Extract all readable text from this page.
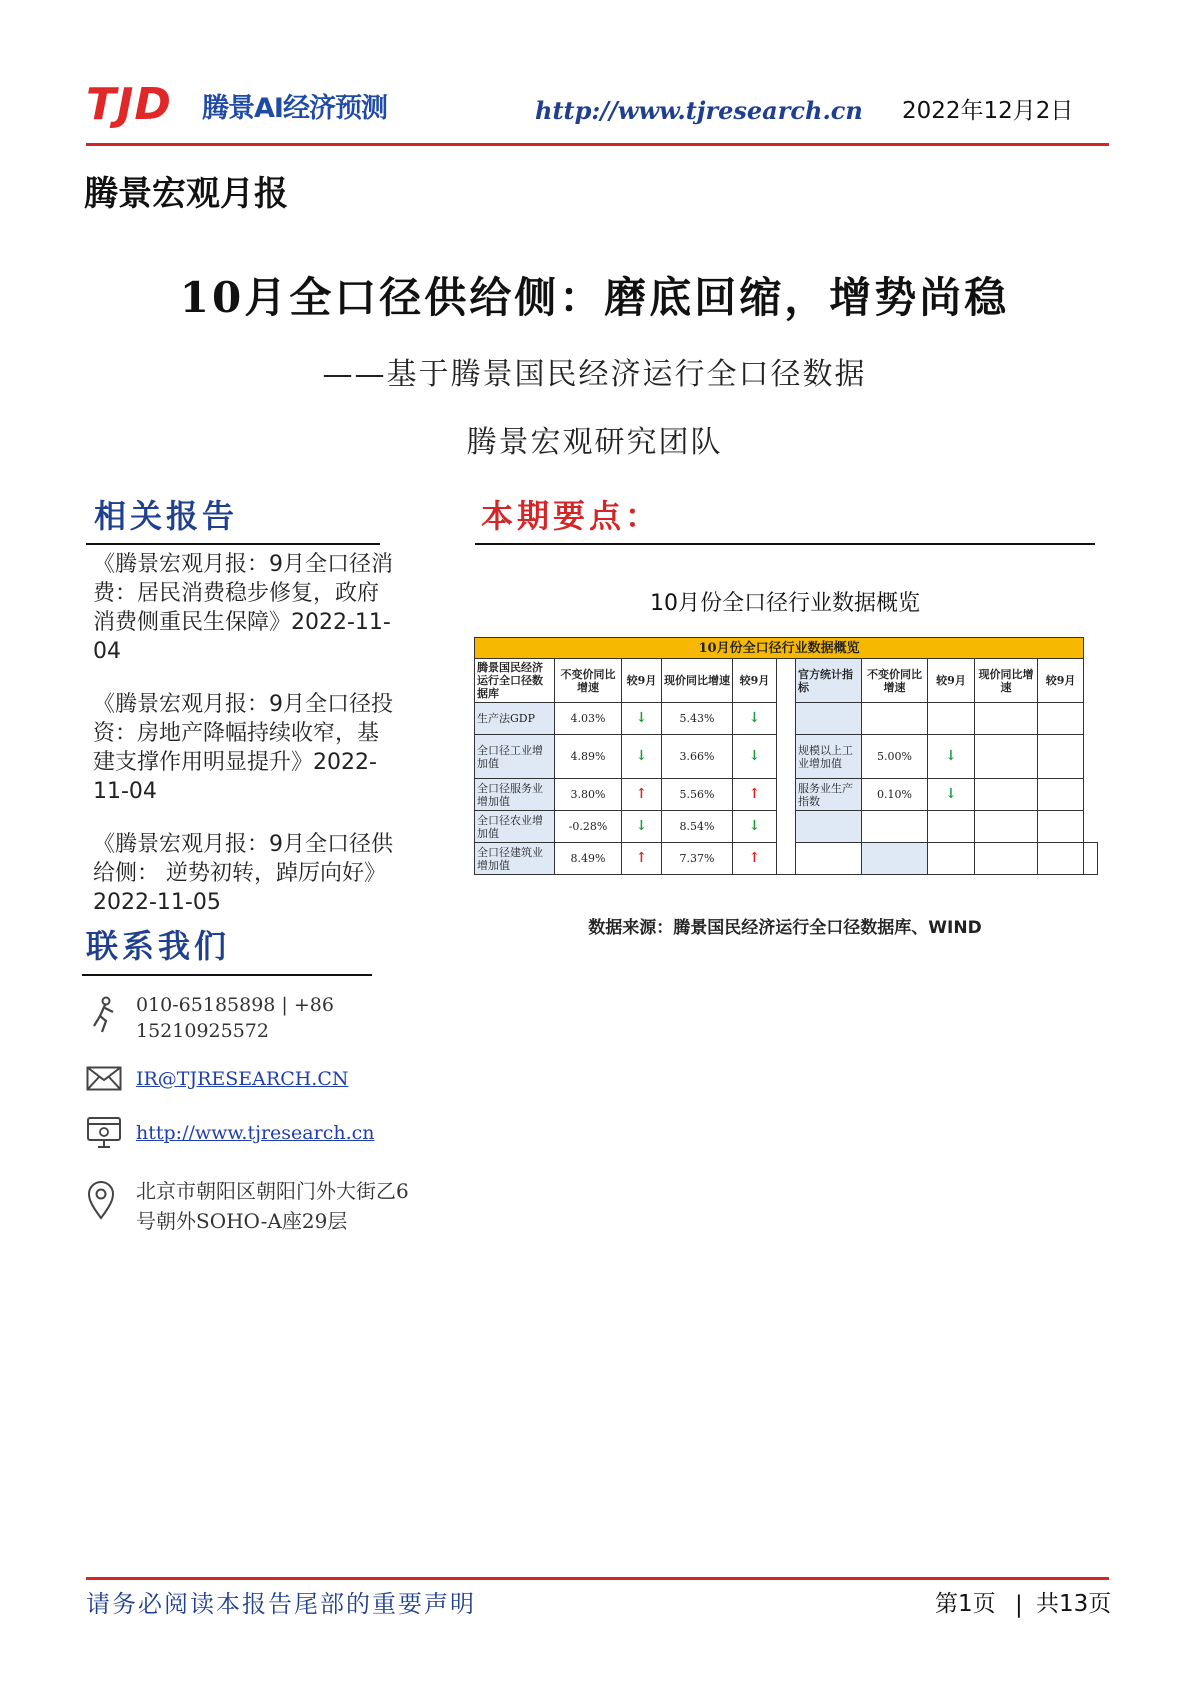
TJD 腾景AI经济预测	http://www.tjresearch.cn 2022年12月2日
腾景宏观月报
10月全口径供给侧：磨底回缩，增势尚稳
——基于腾景国民经济运行全口径数据
腾景宏观研究团队
相关报告
《腾景宏观月报：9月全口径消费：居民消费稳步修复，政府消费侧重民生保障》2022-11-04
《腾景宏观月报：9月全口径投资：房地产降幅持续收窄，基建支撑作用明显提升》2022-11-04
《腾景宏观月报：9月全口径供给侧： 逆势初转，踔厉向好》2022-11-05
联系我们
010-65185898 | +86 15210925572
IR@TJRESEARCH.CN
http://www.tjresearch.cn
北京市朝阳区朝阳门外大街乙6号朝外SOHO-A座29层
本期要点：
10月份全口径行业数据概览
10月份全口径行业数据概览											
腾景国民经济运行全口径数据库	不变价同比增速	较9月	现价同比增速	较9月		官方统计指标	不变价同比增速	较9月	现价同比增速	较9月	
生产法GDP	4.03%	↓	5.43%	↓							
全口径工业增加值	4.89%	↓	3.66%	↓		规模以上工业增加值	5.00%	↓			
全口径服务业增加值	3.80%	↑	5.56%	↑		服务业生产指数	0.10%	↓			
全口径农业增加值	-0.28%	↓	8.54%	↓							
全口径建筑业增加值	8.49%	↑	7.37%	↑							
数据来源：腾景国民经济运行全口径数据库、WIND
请务必阅读本报告尾部的重要声明	第1页 | 共13页
